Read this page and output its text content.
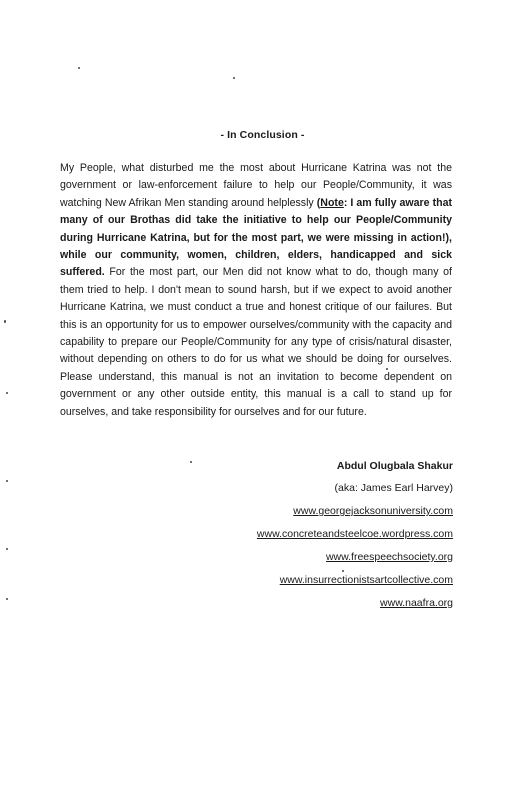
- In Conclusion -
My People, what disturbed me the most about Hurricane Katrina was not the government or law-enforcement failure to help our People/Community, it was watching New Afrikan Men standing around helplessly (Note: I am fully aware that many of our Brothas did take the initiative to help our People/Community during Hurricane Katrina, but for the most part, we were missing in action!), while our community, women, children, elders, handicapped and sick suffered. For the most part, our Men did not know what to do, though many of them tried to help. I don't mean to sound harsh, but if we expect to avoid another Hurricane Katrina, we must conduct a true and honest critique of our failures. But this is an opportunity for us to empower ourselves/community with the capacity and capability to prepare our People/Community for any type of crisis/natural disaster, without depending on others to do for us what we should be doing for ourselves. Please understand, this manual is not an invitation to become dependent on government or any other outside entity, this manual is a call to stand up for ourselves, and take responsibility for ourselves and for our future.
Abdul Olugbala Shakur
(aka: James Earl Harvey)
www.georgejacksonuniversity.com
www.concreteandsteelcoe.wordpress.com
www.freespeechsociety.org
www.insurrectionistsartcollective.com
www.naafra.org
